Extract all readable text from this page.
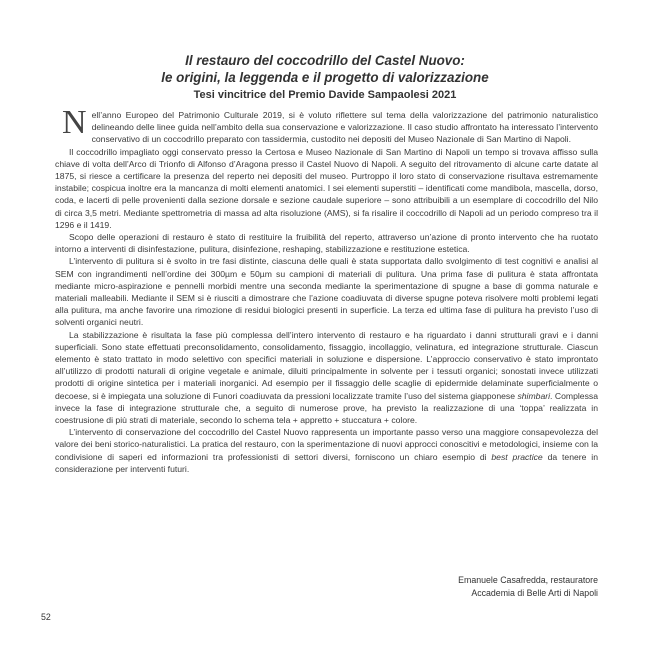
Il restauro del coccodrillo del Castel Nuovo:
le origini, la leggenda e il progetto di valorizzazione
Tesi vincitrice del Premio Davide Sampaolesi 2021

Nell’anno Europeo del Patrimonio Culturale 2019, si è voluto riflettere sul tema della valorizzazione del patrimonio naturalistico delineando delle linee guida nell’ambito della sua conservazione e valorizzazione. Il caso studio affrontato ha interessato l’intervento conservativo di un coccodrillo preparato con tassidermia, custodito nei depositi del Museo Nazionale di San Martino di Napoli.

Il coccodrillo impagliato oggi conservato presso la Certosa e Museo Nazionale di San Martino di Napoli un tempo si trovava affisso sulla chiave di volta dell’Arco di Trionfo di Alfonso d’Aragona presso il Castel Nuovo di Napoli. A seguito del ritrovamento di alcune carte datate al 1875, si riesce a certificare la presenza del reperto nei depositi del museo. Purtroppo il loro stato di conservazione risultava estremamente instabile; cospicua inoltre era la mancanza di molti elementi anatomici. I sei elementi superstiti – identificati come mandibola, mascella, dorso, coda, e lacerti di pelle provenienti dalla sezione dorsale e sezione caudale superiore – sono attribuibili a un esemplare di coccodrillo del Nilo di circa 3,5 metri. Mediante spettrometria di massa ad alta risoluzione (AMS), si fa risalire il coccodrillo di Napoli ad un periodo compreso tra il 1296 e il 1419.

Scopo delle operazioni di restauro è stato di restituire la fruibilità del reperto, attraverso un’azione di pronto intervento che ha ruotato intorno a interventi di disinfestazione, pulitura, disinfezione, reshaping, stabilizzazione e restituzione estetica.

L’intervento di pulitura si è svolto in tre fasi distinte, ciascuna delle quali è stata supportata dallo svolgimento di test cognitivi e analisi al SEM con ingrandimenti nell’ordine dei 300µm e 50µm su campioni di materiali di pulitura. Una prima fase di pulitura è stata affrontata mediante micro-aspirazione e pennelli morbidi mentre una seconda mediante la sperimentazione di spugne a base di gomma naturale e materiali malleabili. Mediante il SEM si è riusciti a dimostrare che l’azione coadiuvata di diverse spugne poteva risolvere molti problemi legati alla pulitura, ma anche favorire una rimozione di residui biologici presenti in superficie. La terza ed ultima fase di pulitura ha previsto l’uso di solventi organici neutri.

La stabilizzazione è risultata la fase più complessa dell’intero intervento di restauro e ha riguardato i danni strutturali gravi e i danni superficiali. Sono state effettuati preconsolidamento, consolidamento, fissaggio, incollaggio, velinatura, ed integrazione strutturale. Ciascun elemento è stato trattato in modo selettivo con specifici materiali in soluzione e dispersione. L’approccio conservativo è stato improntato all’utilizzo di prodotti naturali di origine vegetale e animale, diluiti principalmente in solvente per i tessuti organici; sonostati invece utilizzati prodotti di origine sintetica per i materiali inorganici. Ad esempio per il fissaggio delle scaglie di epidermide delaminate superficialmente o decoese, si è impiegata una soluzione di Funori coadiuvata da pressioni localizzate tramite l’uso del sistema giapponese shimbari. Complessa invece la fase di integrazione strutturale che, a seguito di numerose prove, ha previsto la realizzazione di una ‘toppa’ realizzata in coestrusione di più strati di materiale, secondo lo schema tela + appretto + stuccatura + colore.

L’intervento di conservazione del coccodrillo del Castel Nuovo rappresenta un importante passo verso una maggiore consapevolezza del valore dei beni storico-naturalistici. La pratica del restauro, con la sperimentazione di nuovi approcci conoscitivi e metodologici, insieme con la condivisione di saperi ed informazioni tra professionisti di settori diversi, forniscono un chiaro esempio di best practice da tenere in considerazione per interventi futuri.

Emanuele Casafredda, restauratore
Accademia di Belle Arti di Napoli
52
